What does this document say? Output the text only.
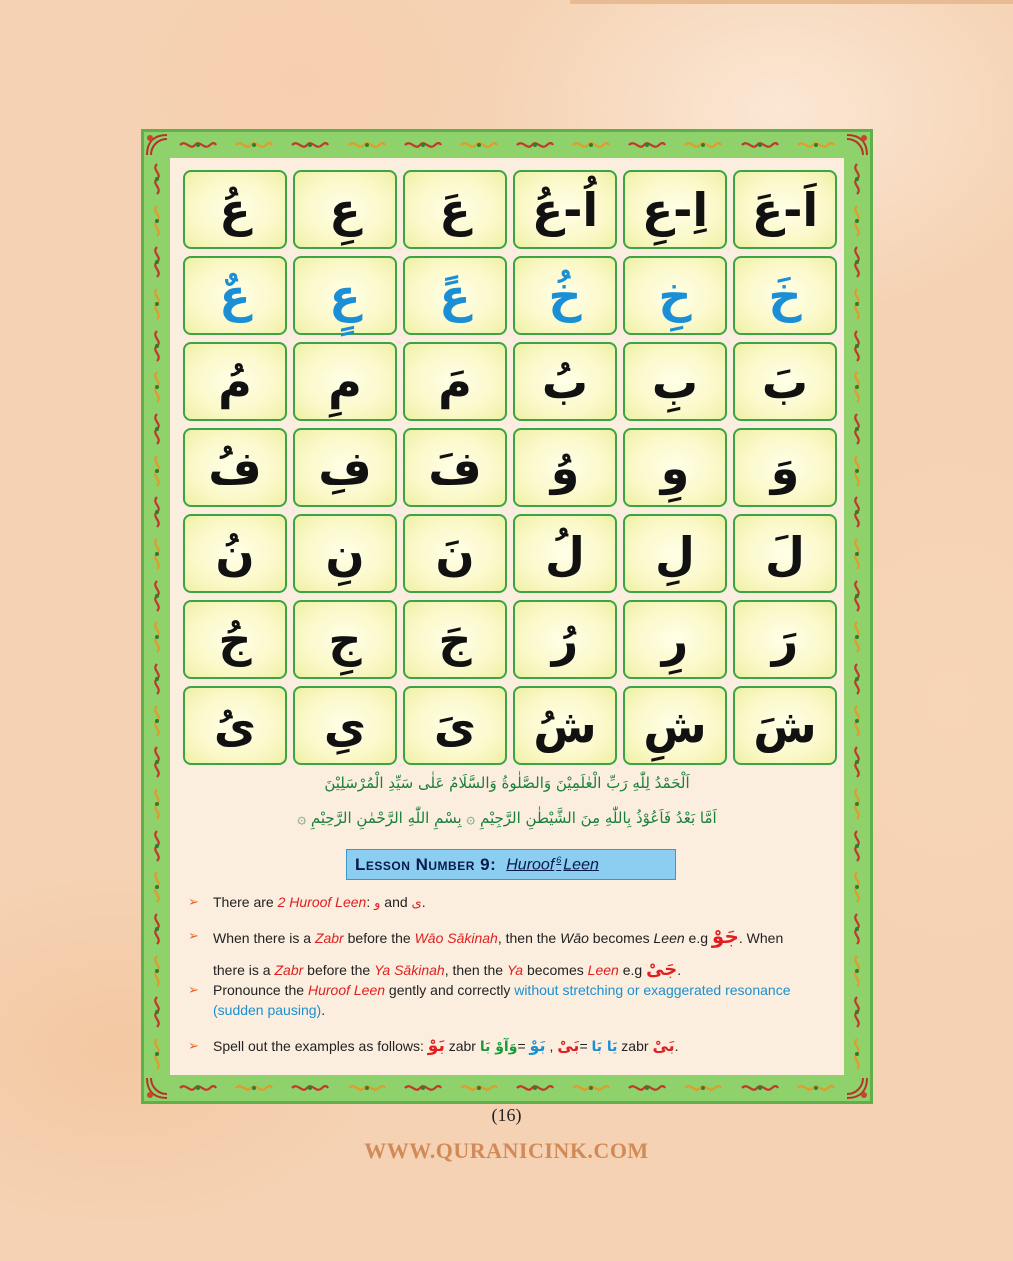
اَ-عَ
اِ-عِ
اُ-عُ
عَ
عِ
عُ
خَ
خِ
خُ
عً
عٍ
عٌ
بَ
بِ
بُ
مَ
مِ
مُ
وَ
وِ
وُ
فَ
فِ
فُ
لَ
لِ
لُ
نَ
نِ
نُ
رَ
رِ
رُ
جَ
جِ
جُ
شَ
شِ
شُ
ىَ
ىِ
ىُ
اَلْحَمْدُ لِلّٰهِ رَبِّ الْعٰلَمِيْنَ وَالصَّلٰوةُ وَالسَّلَامُ عَلٰى سَيِّدِ الْمُرْسَلِيْنَ
اَمَّا بَعْدُ فَاَعُوْذُ بِاللّٰهِ مِنَ الشَّيْطٰنِ الرَّجِيْمِ ۞ بِسْمِ اللّٰهِ الرَّحْمٰنِ الرَّحِيْمِ ۞
Lesson Number 9: Huroof $^6$ Leen
➢ There are 2 Huroof Leen: و and ى.
➢ When there is a Zabr before the Wāo Sākinah, then the Wāo becomes Leen e.g جَوْ. When
there is a Zabr before the Ya Sākinah, then the Ya becomes Leen e.g جَىْ.
➢ Pronounce the Huroof Leen gently and correctly without stretching or exaggerated resonance (sudden pausing).
➢ Spell out the examples as follows: بَوْ zabr وَآوْ بَا= بَوْ , بَىْ= يَا بَا zabr بَىْ.
(16)
WWW.QURANICINK.COM
